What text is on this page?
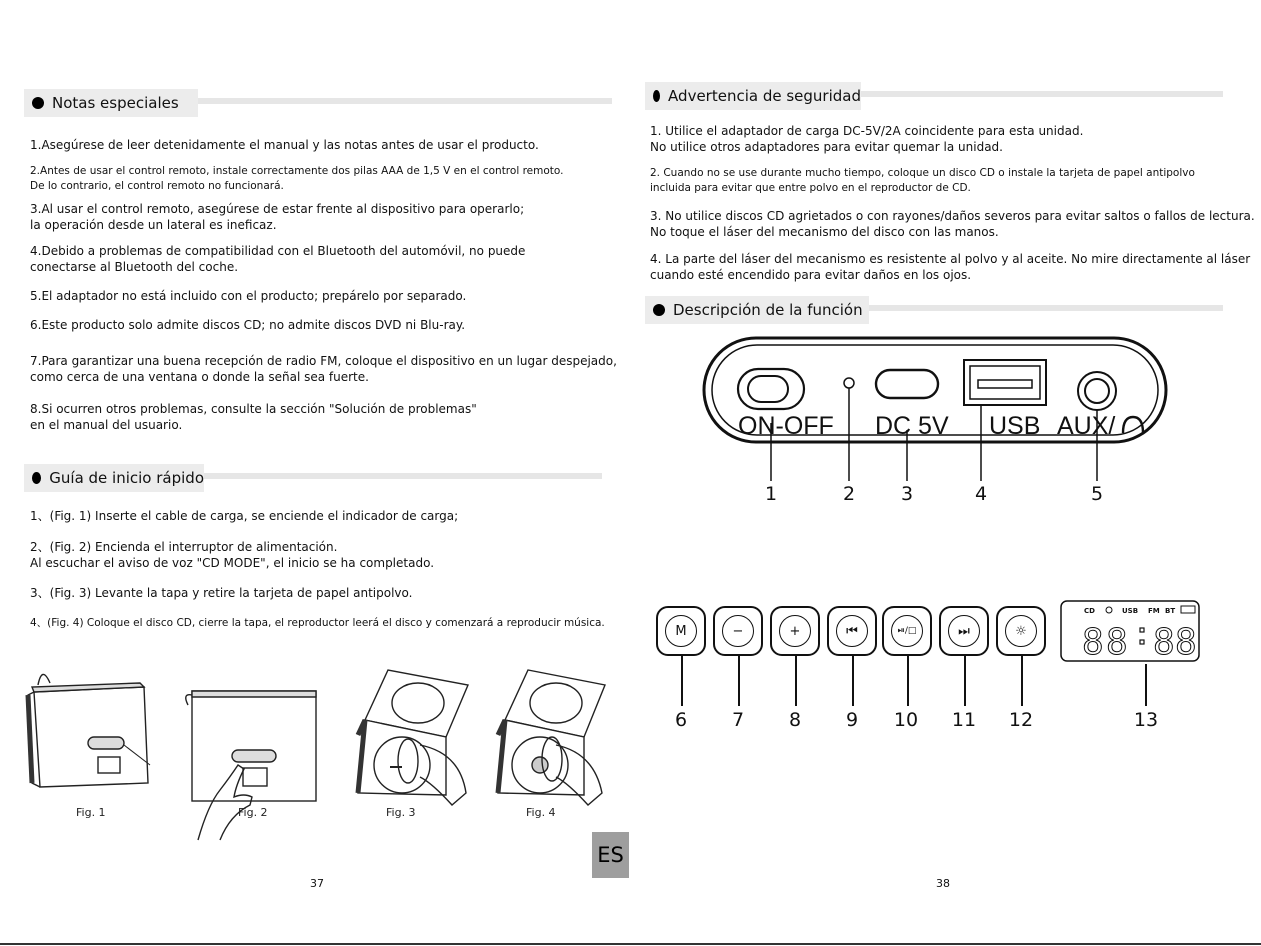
Notas especiales
1.Asegúrese de leer detenidamente el manual y las notas antes de usar el producto.
2.Antes de usar el control remoto, instale correctamente dos pilas AAA de 1,5 V en el control remoto.
De lo contrario, el control remoto no funcionará.
3.Al usar el control remoto, asegúrese de estar frente al dispositivo para operarlo;
la operación desde un lateral es ineficaz.
4.Debido a problemas de compatibilidad con el Bluetooth del automóvil, no puede
conectarse al Bluetooth del coche.
5.El adaptador no está incluido con el producto; prepárelo por separado.
6.Este producto solo admite discos CD; no admite discos DVD ni Blu-ray.
7.Para garantizar una buena recepción de radio FM, coloque el dispositivo en un lugar despejado,
como cerca de una ventana o donde la señal sea fuerte.
8.Si ocurren otros problemas, consulte la sección "Solución de problemas"
en el manual del usuario.
Guía de inicio rápido
1、(Fig. 1) Inserte el cable de carga, se enciende el indicador de carga;
2、(Fig. 2) Encienda el interruptor de alimentación.
Al escuchar el aviso de voz "CD MODE", el inicio se ha completado.
3、(Fig. 3) Levante la tapa y retire la tarjeta de papel antipolvo.
4、(Fig. 4) Coloque el disco CD, cierre la tapa, el reproductor leerá el disco y comenzará a reproducir música.
Fig. 1	Fig. 2	Fig. 3	Fig. 4
37
ES
Advertencia de seguridad
1. Utilice el adaptador de carga DC-5V/2A coincidente para esta unidad.
No utilice otros adaptadores para evitar quemar la unidad.
2. Cuando no se use durante mucho tiempo, coloque un disco CD o instale la tarjeta de papel antipolvo
incluida para evitar que entre polvo en el reproductor de CD.
3. No utilice discos CD agrietados o con rayones/daños severos para evitar saltos o fallos de lectura.
No toque el láser del mecanismo del disco con las manos.
4. La parte del láser del mecanismo es resistente al polvo y al aceite. No mire directamente al láser
cuando esté encendido para evitar daños en los ojos.
Descripción de la función
ON-OFF DC 5V USB AUX/
1	2	3	4	5
M	−	+	⏮	⏯/□	⏭	☼
CD	USB FM BT
8 8 8 8
6	7	8	9	10	11	12	13
38
